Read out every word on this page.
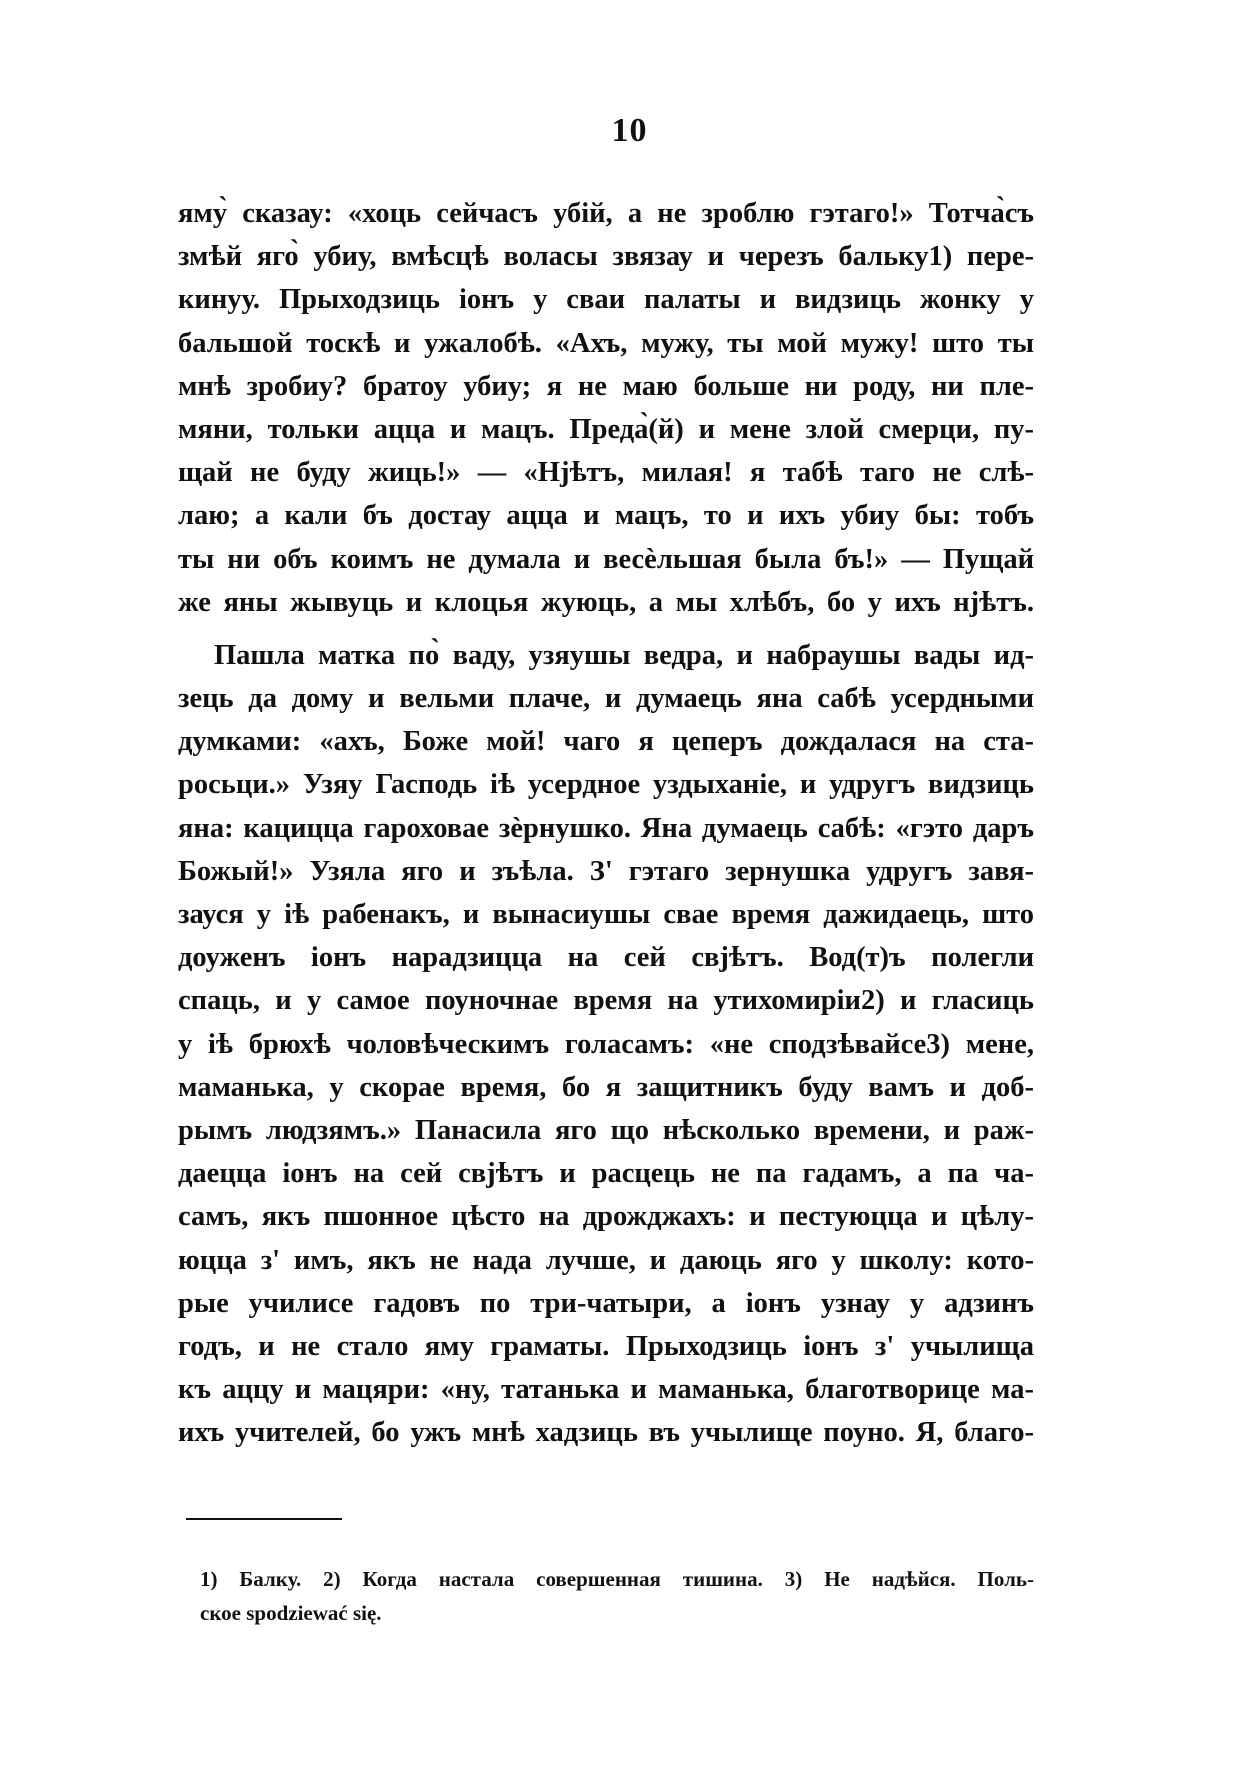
10
яму̀ сказау: «хоць сейчасъ убій, а не зроблю гэтаго!» Тотча̀съ
змѣй яго̀ убиу, вмѣсцѣ воласы звязау и черезъ бальку1) пере-
кинуу. Прыходзиць іонъ у сваи палаты и видзиць жонку у
бальшой тоскѣ и ужалобѣ. «Ахъ, мужу, ты мой мужу! што ты
мнѣ зробиу? братоу убиу; я не маю больше ни роду, ни пле-
мяни, тольки аццa и мацъ. Преда̀(й) и мене злой смерци, пу-
щай не буду жиць!» — «Нјѣтъ, милая! я табѣ таго не слѣ-
лаю; а кали бъ достау аццa и мацъ, то и ихъ убиу бы: тобъ
ты ни объ коимъ не думала и весѐльшая была бъ!» — Пущай
же яны жывуць и клоцья жуюць, а мы хлѣбъ, бо у ихъ нјѣтъ.
Пашла матка по̀ ваду, узяушы ведра, и набраушы вады ид-
зець да дому и вельми плаче, и думаець яна сабѣ усердными
думками: «ахъ, Боже мой! чаго я цеперъ дождалася на ста-
росьци.» Узяу Гасподь іѣ усердное уздыханіе, и удругъ видзиць
яна: кацицца гароховае зѐрнушко. Яна думаець сабѣ: «гэто даръ
Божый!» Узяла яго и зъѣла. З' гэтаго зернушка удругъ завя-
зауся у іѣ рабенакъ, и вынасиушы свае время дажидаець, што
доуженъ іонъ нарадзицца на сей свјѣтъ. Вод(т)ъ полегли
спаць, и у самое поуночнае время на утихомиріи2) и гласиць
у іѣ брюхѣ чоловѣческимъ голасамъ: «не сподзѣвайсе3) мене,
маманька, у скорае время, бо я защитникъ буду вамъ и доб-
рымъ людзямъ.» Панасила яго що нѣсколько времени, и раж-
даецца іонъ на сей свјѣтъ и расцець не па гадамъ, а па ча-
самъ, якъ пшонное цѣсто на дрожджахъ: и пестуюцца и цѣлу-
юцца з' имъ, якъ не нада лучше, и даюць яго у школу: кото-
рые училисе гадовъ по три-чатыри, а іонъ узнау у адзинъ
годъ, и не стало яму граматы. Прыходзиць іонъ з' учылища
къ аццу и мацяри: «ну, татанька и маманька, благотворице ма-
ихъ учителей, бо ужъ мнѣ хадзиць въ учылище поуно. Я, благо-
1) Балку. 2) Когда настала совершенная тишина. 3) Не надѣйся. Поль-
ское spodziewać się.
